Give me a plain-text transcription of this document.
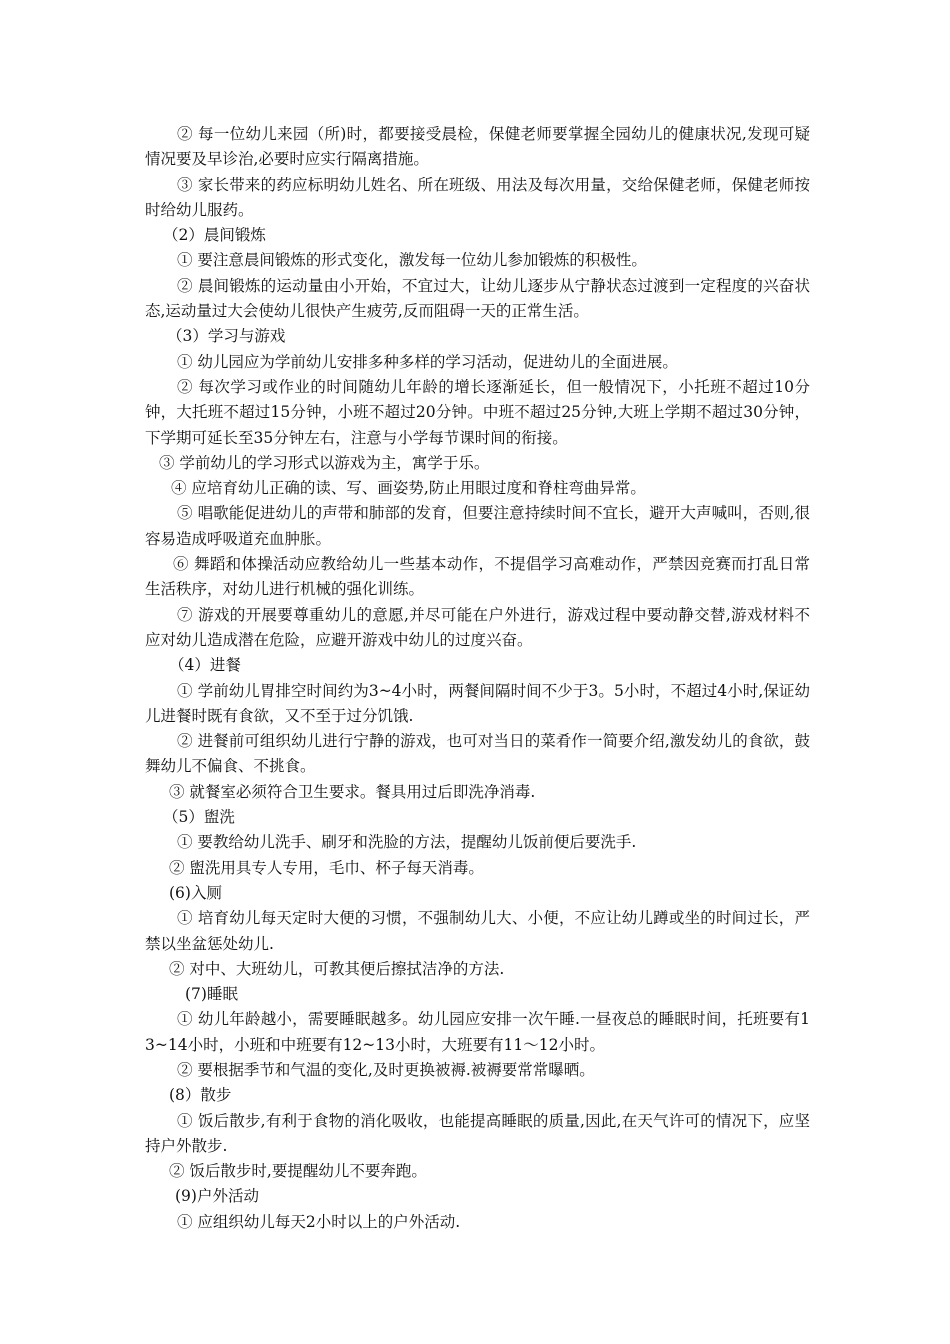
② 每一位幼儿来园（所)时，都要接受晨检，保健老师要掌握全园幼儿的健康状况,发现可疑情况要及早诊治,必要时应实行隔离措施。

③ 家长带来的药应标明幼儿姓名、所在班级、用法及每次用量，交给保健老师，保健老师按时给幼儿服药。

（2）晨间锻炼

① 要注意晨间锻炼的形式变化，激发每一位幼儿参加锻炼的积极性。

② 晨间锻炼的运动量由小开始，不宜过大，让幼儿逐步从宁静状态过渡到一定程度的兴奋状态,运动量过大会使幼儿很快产生疲劳,反而阻碍一天的正常生活。

（3）学习与游戏

① 幼儿园应为学前幼儿安排多种多样的学习活动，促进幼儿的全面进展。

② 每次学习或作业的时间随幼儿年龄的增长逐渐延长，但一般情况下，小托班不超过10分钟，大托班不超过15分钟，小班不超过20分钟。中班不超过25分钟,大班上学期不超过30分钟，下学期可延长至35分钟左右，注意与小学每节课时间的衔接。

③ 学前幼儿的学习形式以游戏为主，寓学于乐。

④ 应培育幼儿正确的读、写、画姿势,防止用眼过度和脊柱弯曲异常。

⑤ 唱歌能促进幼儿的声带和肺部的发育，但要注意持续时间不宜长，避开大声喊叫，否则,很容易造成呼吸道充血肿胀。

⑥ 舞蹈和体操活动应教给幼儿一些基本动作，不提倡学习高难动作，严禁因竞赛而打乱日常生活秩序，对幼儿进行机械的强化训练。

⑦ 游戏的开展要尊重幼儿的意愿,并尽可能在户外进行，游戏过程中要动静交替,游戏材料不应对幼儿造成潜在危险，应避开游戏中幼儿的过度兴奋。

（4）进餐

① 学前幼儿胃排空时间约为3~4小时，两餐间隔时间不少于3。5小时，不超过4小时,保证幼儿进餐时既有食欲，又不至于过分饥饿.

② 进餐前可组织幼儿进行宁静的游戏，也可对当日的菜肴作一简要介绍,激发幼儿的食欲，鼓舞幼儿不偏食、不挑食。

③ 就餐室必须符合卫生要求。餐具用过后即洗净消毒.

（5）盥洗

① 要教给幼儿洗手、刷牙和洗脸的方法，提醒幼儿饭前便后要洗手.

② 盥洗用具专人专用，毛巾、杯子每天消毒。

(6)入厕

① 培育幼儿每天定时大便的习惯，不强制幼儿大、小便，不应让幼儿蹲或坐的时间过长，严禁以坐盆惩处幼儿.

② 对中、大班幼儿，可教其便后擦拭洁净的方法.

(7)睡眠

① 幼儿年龄越小，需要睡眠越多。幼儿园应安排一次午睡.一昼夜总的睡眠时间，托班要有13~14小时，小班和中班要有12~13小时，大班要有11～12小时。

② 要根据季节和气温的变化,及时更换被褥.被褥要常常曝晒。

(8）散步

① 饭后散步,有利于食物的消化吸收，也能提高睡眠的质量,因此,在天气许可的情况下，应坚持户外散步.

② 饭后散步时,要提醒幼儿不要奔跑。

(9)户外活动

① 应组织幼儿每天2小时以上的户外活动.
